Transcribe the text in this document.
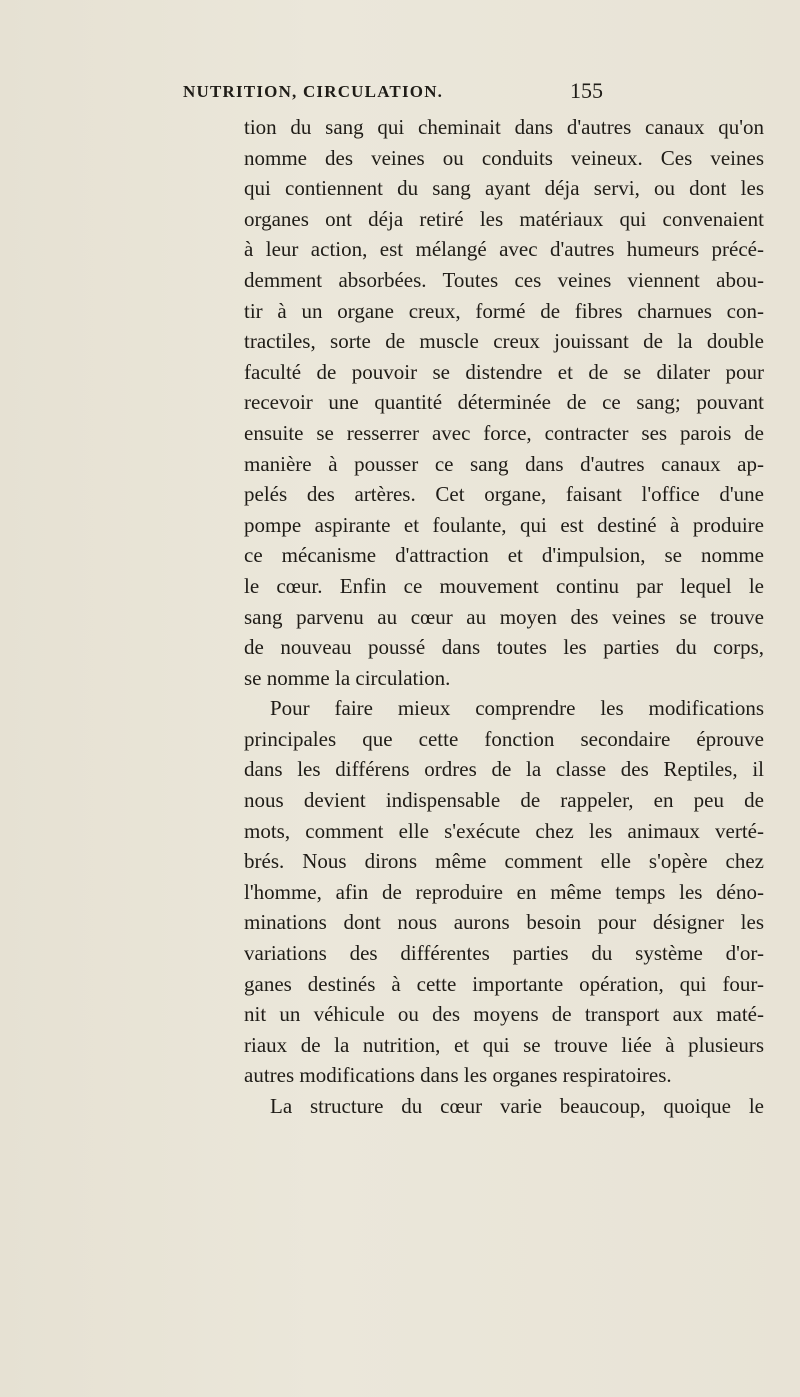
NUTRITION, CIRCULATION.	155

tion du sang qui cheminait dans d'autres canaux qu'on
nomme des veines ou conduits veineux. Ces veines
qui contiennent du sang ayant déja servi, ou dont les
organes ont déja retiré les matériaux qui convenaient
à leur action, est mélangé avec d'autres humeurs précé-
demment absorbées. Toutes ces veines viennent abou-
tir à un organe creux, formé de fibres charnues con-
tractiles, sorte de muscle creux jouissant de la double
faculté de pouvoir se distendre et de se dilater pour
recevoir une quantité déterminée de ce sang; pouvant
ensuite se resserrer avec force, contracter ses parois de
manière à pousser ce sang dans d'autres canaux ap-
pelés des artères. Cet organe, faisant l'office d'une
pompe aspirante et foulante, qui est destiné à produire
ce mécanisme d'attraction et d'impulsion, se nomme
le cœur. Enfin ce mouvement continu par lequel le
sang parvenu au cœur au moyen des veines se trouve
de nouveau poussé dans toutes les parties du corps,
se nomme la circulation.

Pour faire mieux comprendre les modifications
principales que cette fonction secondaire éprouve
dans les différens ordres de la classe des Reptiles, il
nous devient indispensable de rappeler, en peu de
mots, comment elle s'exécute chez les animaux verté-
brés. Nous dirons même comment elle s'opère chez
l'homme, afin de reproduire en même temps les déno-
minations dont nous aurons besoin pour désigner les
variations des différentes parties du système d'or-
ganes destinés à cette importante opération, qui four-
nit un véhicule ou des moyens de transport aux maté-
riaux de la nutrition, et qui se trouve liée à plusieurs
autres modifications dans les organes respiratoires.

La structure du cœur varie beaucoup, quoique le
